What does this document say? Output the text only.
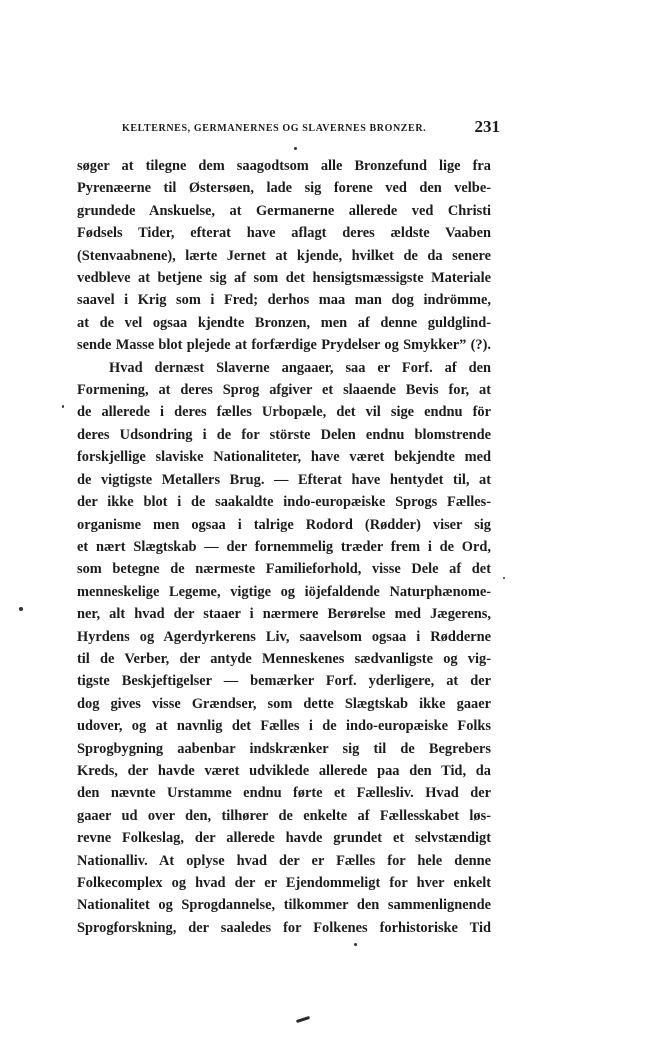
KELTERNES, GERMANERNES OG SLAVERNES BRONZER.	231
søger at tilegne dem saagodtsom alle Bronzefund lige fra
Pyrenæerne til Østersøen, lade sig forene ved den velbe-
grundede Anskuelse, at Germanerne allerede ved Christi
Fødsels Tider, efterat have aflagt deres ældste Vaaben
(Stenvaabnene), lærte Jernet at kjende, hvilket de da senere
vedbleve at betjene sig af som det hensigtsmæssigste Materiale
saavel i Krig som i Fred; derhos maa man dog indrömme,
at de vel ogsaa kjendte Bronzen, men af denne guldglind-
sende Masse blot plejede at forfærdige Prydelser og Smykker” (?).
Hvad dernæst Slaverne angaaer, saa er Forf. af den
Formening, at deres Sprog afgiver et slaaende Bevis for, at
de allerede i deres fælles Urbopæle, det vil sige endnu för
deres Udsondring i de for störste Delen endnu blomstrende
forskjellige slaviske Nationaliteter, have været bekjendte med
de vigtigste Metallers Brug. — Efterat have hentydet til, at
der ikke blot i de saakaldte indo-europæiske Sprogs Fælles-
organisme men ogsaa i talrige Rodord (Rødder) viser sig
et nært Slægtskab — der fornemmelig træder frem i de Ord,
som betegne de nærmeste Familieforhold, visse Dele af det
menneskelige Legeme, vigtige og iöjefaldende Naturphænome-
ner, alt hvad der staaer i nærmere Berørelse med Jægerens,
Hyrdens og Agerdyrkerens Liv, saavelsom ogsaa i Rødderne
til de Verber, der antyde Menneskenes sædvanligste og vig-
tigste Beskjeftigelser — bemærker Forf. yderligere, at der
dog gives visse Grændser, som dette Slægtskab ikke gaaer
udover, og at navnlig det Fælles i de indo-europæiske Folks
Sprogbygning aabenbar indskrænker sig til de Begrebers
Kreds, der havde været udviklede allerede paa den Tid, da
den nævnte Urstamme endnu førte et Fællesliv. Hvad der
gaaer ud over den, tilhører de enkelte af Fællesskabet løs-
revne Folkeslag, der allerede havde grundet et selvstændigt
Nationalliv. At oplyse hvad der er Fælles for hele denne
Folkecomplex og hvad der er Ejendommeligt for hver enkelt
Nationalitet og Sprogdannelse, tilkommer den sammenlignende
Sprogforskning, der saaledes for Folkenes forhistoriske Tid
